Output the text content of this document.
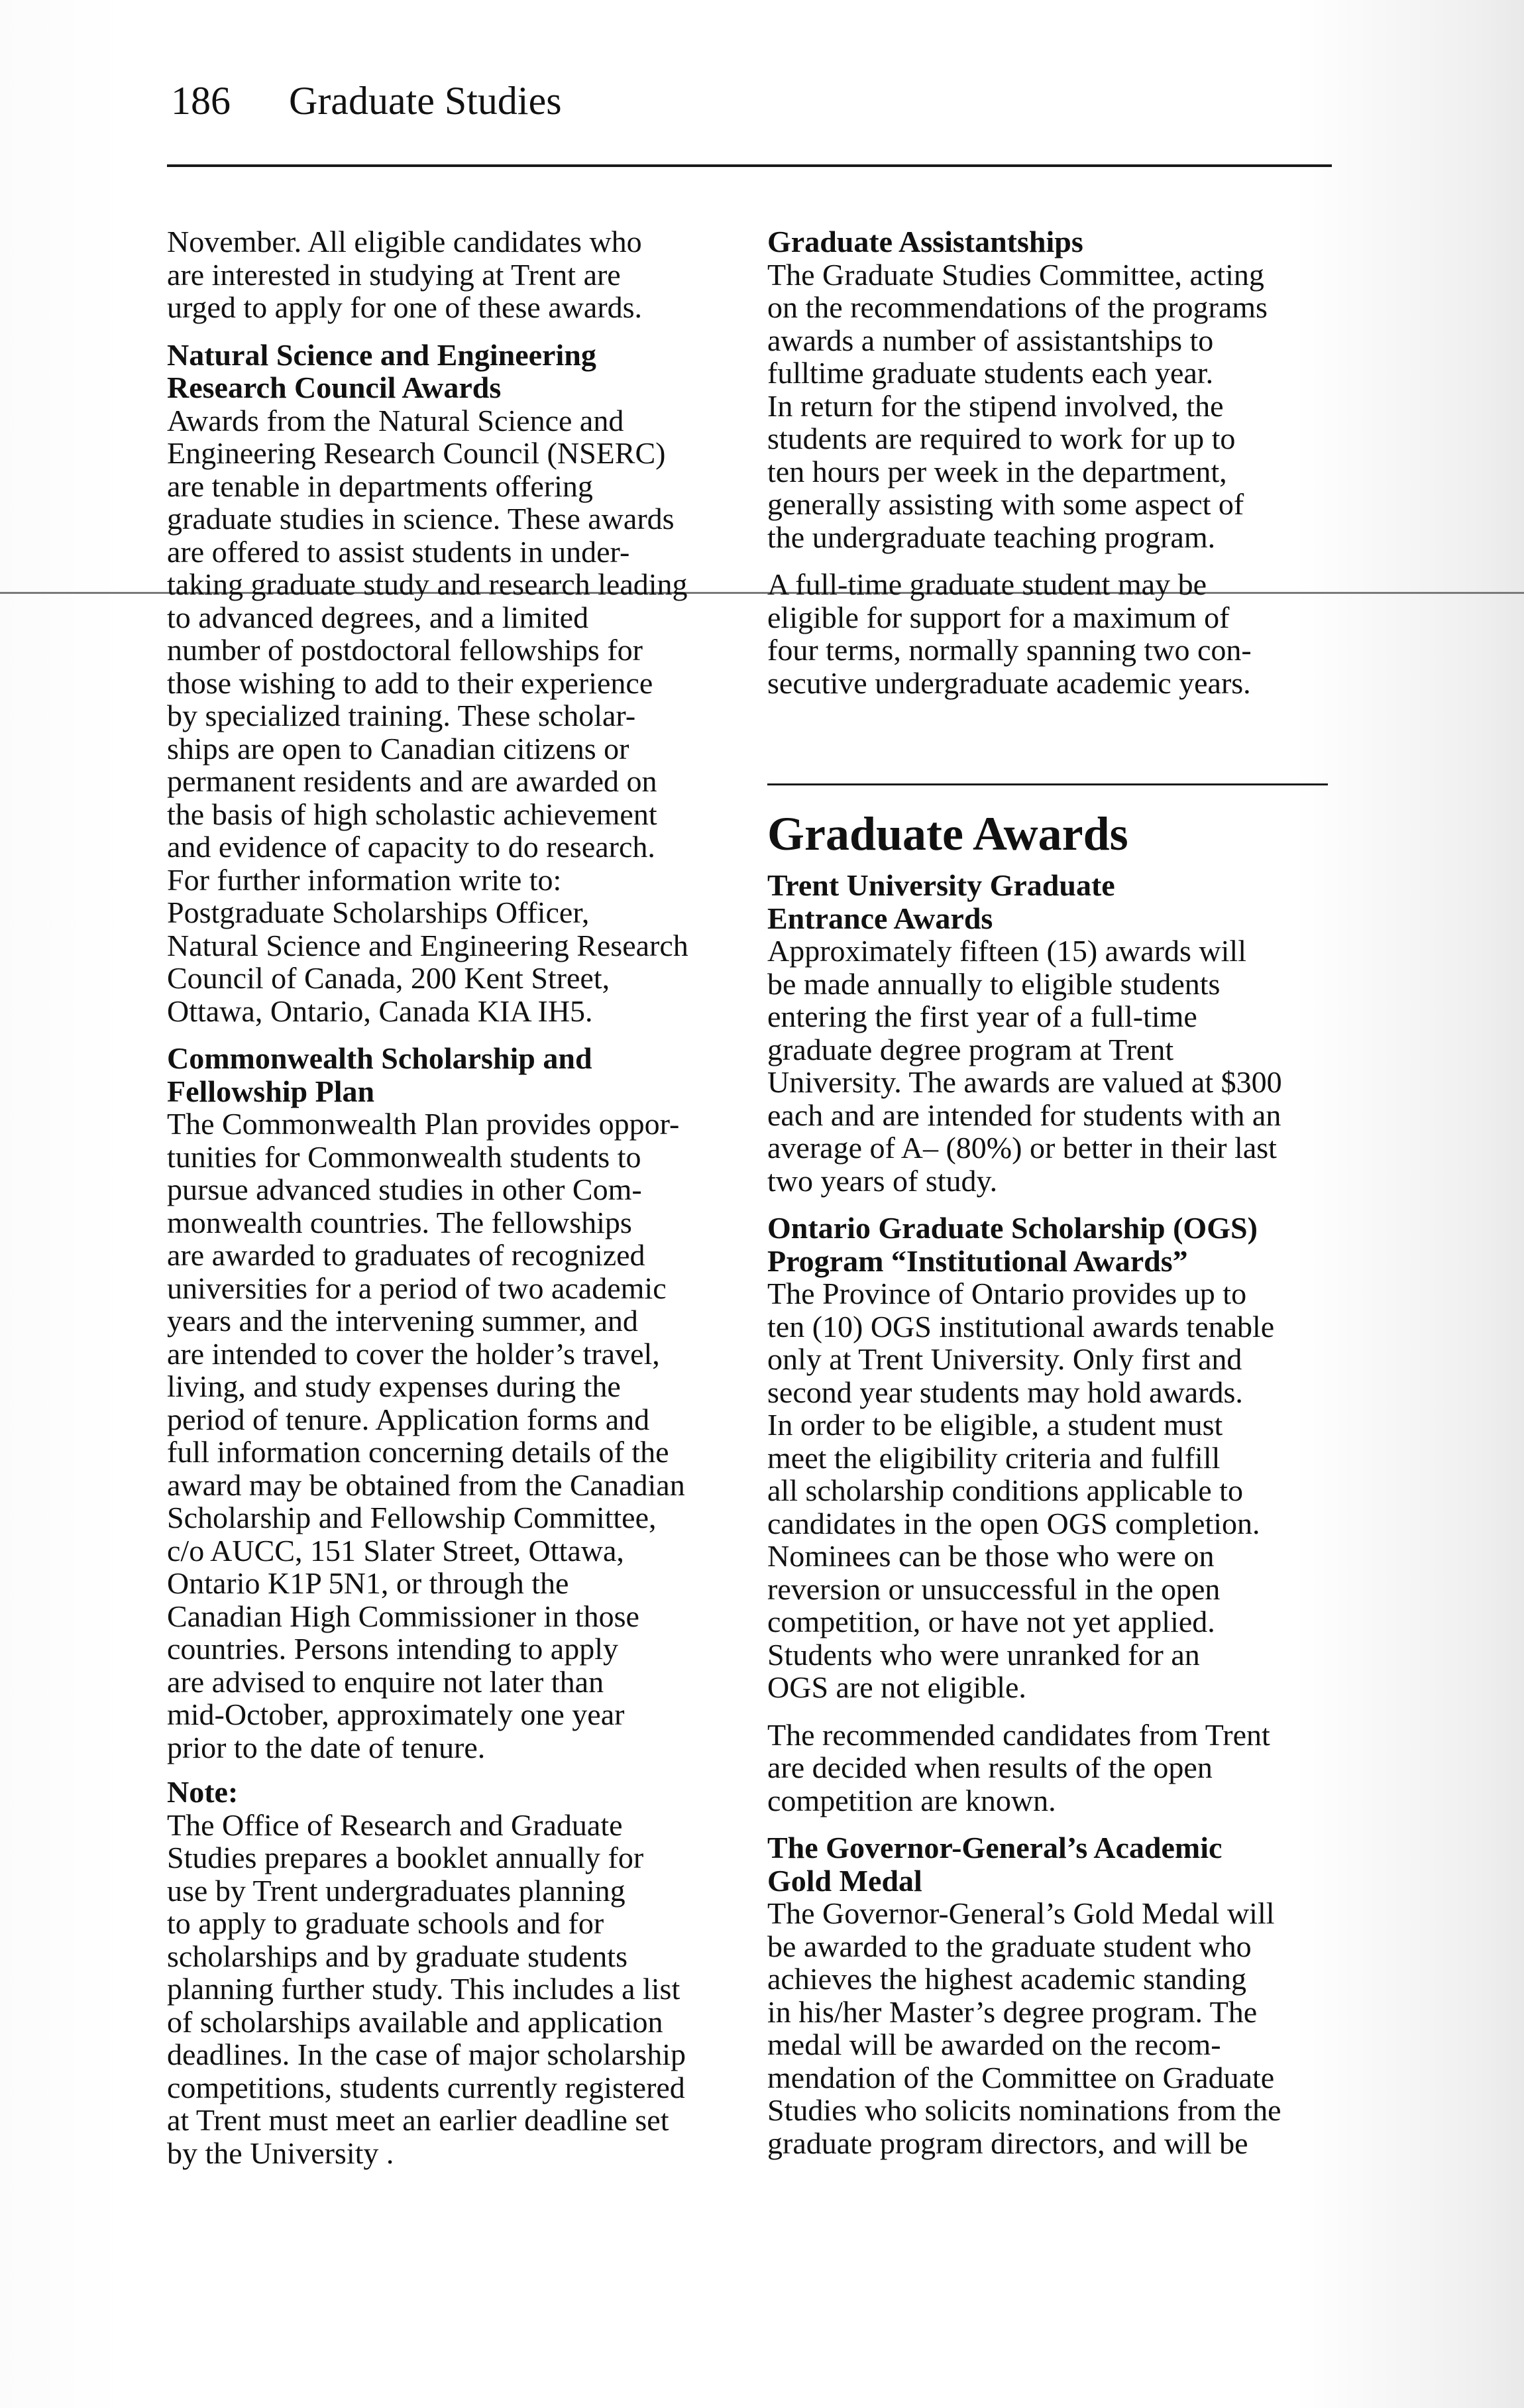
186 Graduate Studies

November. All eligible candidates who
are interested in studying at Trent are
urged to apply for one of these awards.

Natural Science and Engineering
Research Council Awards

Awards from the Natural Science and
Engineering Research Council (NSERC)
are tenable in departments offering
graduate studies in science. These awards
are offered to assist students in under-
taking graduate study and research leading
to advanced degrees, and a limited
number of postdoctoral fellowships for
those wishing to add to their experience
by specialized training. These scholar-
ships are open to Canadian citizens or
permanent residents and are awarded on
the basis of high scholastic achievement
and evidence of capacity to do research.
For further information write to:
Postgraduate Scholarships Officer,
Natural Science and Engineering Research
Council of Canada, 200 Kent Street,
Ottawa, Ontario, Canada KIA IH5.

Commonwealth Scholarship and
Fellowship Plan

The Commonwealth Plan provides oppor-
tunities for Commonwealth students to
pursue advanced studies in other Com-
monwealth countries. The fellowships
are awarded to graduates of recognized
universities for a period of two academic
years and the intervening summer, and
are intended to cover the holder’s travel,
living, and study expenses during the
period of tenure. Application forms and
full information concerning details of the
award may be obtained from the Canadian
Scholarship and Fellowship Committee,
c/o AUCC, 151 Slater Street, Ottawa,
Ontario K1P 5N1, or through the
Canadian High Commissioner in those
countries. Persons intending to apply
are advised to enquire not later than
mid-October, approximately one year
prior to the date of tenure.

Note:

The Office of Research and Graduate
Studies prepares a booklet annually for
use by Trent undergraduates planning
to apply to graduate schools and for
scholarships and by graduate students
planning further study. This includes a list
of scholarships available and application
deadlines. In the case of major scholarship
competitions, students currently registered
at Trent must meet an earlier deadline set
by the University .

Graduate Assistantships

The Graduate Studies Committee, acting
on the recommendations of the programs
awards a number of assistantships to
fulltime graduate students each year.
In return for the stipend involved, the
students are required to work for up to
ten hours per week in the department,
generally assisting with some aspect of
the undergraduate teaching program.

A full-time graduate student may be
eligible for support for a maximum of
four terms, normally spanning two con-
secutive undergraduate academic years.

Graduate Awards

Trent University Graduate
Entrance Awards

Approximately fifteen (15) awards will
be made annually to eligible students
entering the first year of a full-time
graduate degree program at Trent
University. The awards are valued at $300
each and are intended for students with an
average of A– (80%) or better in their last
two years of study.

Ontario Graduate Scholarship (OGS)
Program “Institutional Awards”

The Province of Ontario provides up to
ten (10) OGS institutional awards tenable
only at Trent University. Only first and
second year students may hold awards.
In order to be eligible, a student must
meet the eligibility criteria and fulfill
all scholarship conditions applicable to
candidates in the open OGS completion.
Nominees can be those who were on
reversion or unsuccessful in the open
competition, or have not yet applied.
Students who were unranked for an
OGS are not eligible.

The recommended candidates from Trent
are decided when results of the open
competition are known.

The Governor-General’s Academic
Gold Medal

The Governor-General’s Gold Medal will
be awarded to the graduate student who
achieves the highest academic standing
in his/her Master’s degree program. The
medal will be awarded on the recom-
mendation of the Committee on Graduate
Studies who solicits nominations from the
graduate program directors, and will be
